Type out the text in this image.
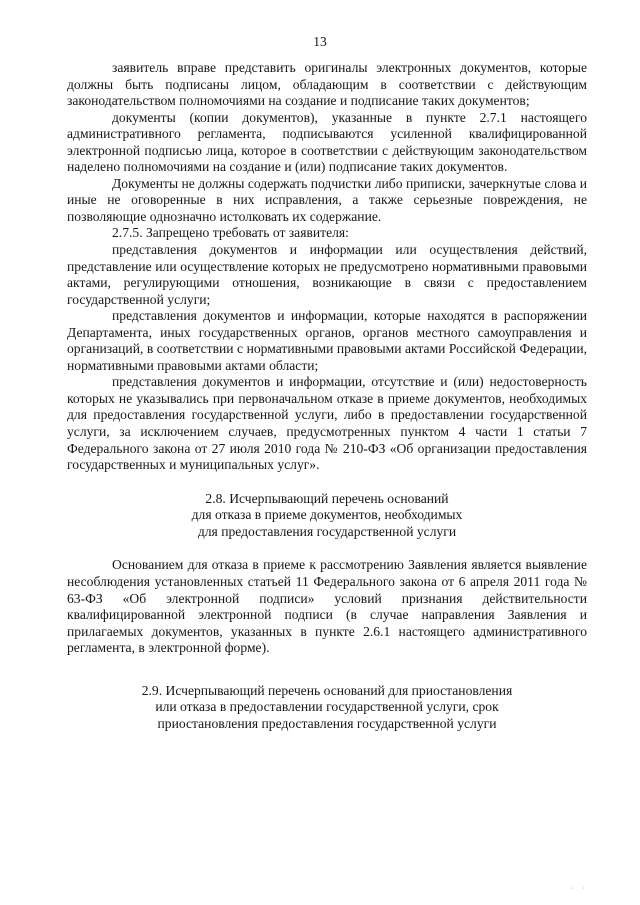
13

заявитель вправе представить оригиналы электронных документов, которые должны быть подписаны лицом, обладающим в соответствии с действующим законодательством полномочиями на создание и подписание таких документов;

документы (копии документов), указанные в пункте 2.7.1 настоящего административного регламента, подписываются усиленной квалифицированной электронной подписью лица, которое в соответствии с действующим законодательством наделено полномочиями на создание и (или) подписание таких документов.

Документы не должны содержать подчистки либо приписки, зачеркнутые слова и иные не оговоренные в них исправления, а также серьезные повреждения, не позволяющие однозначно истолковать их содержание.

2.7.5. Запрещено требовать от заявителя:

представления документов и информации или осуществления действий, представление или осуществление которых не предусмотрено нормативными правовыми актами, регулирующими отношения, возникающие в связи с предоставлением государственной услуги;

представления документов и информации, которые находятся в распоряжении Департамента, иных государственных органов, органов местного самоуправления и организаций, в соответствии с нормативными правовыми актами Российской Федерации, нормативными правовыми актами области;

представления документов и информации, отсутствие и (или) недостоверность которых не указывались при первоначальном отказе в приеме документов, необходимых для предоставления государственной услуги, либо в предоставлении государственной услуги, за исключением случаев, предусмотренных пунктом 4 части 1 статьи 7 Федерального закона от 27 июля 2010 года № 210-ФЗ «Об организации предоставления государственных и муниципальных услуг».

2.8. Исчерпывающий перечень оснований
для отказа в приеме документов, необходимых
для предоставления государственной услуги

Основанием для отказа в приеме к рассмотрению Заявления является выявление несоблюдения установленных статьей 11 Федерального закона от 6 апреля 2011 года № 63-ФЗ «Об электронной подписи» условий признания действительности квалифицированной электронной подписи (в случае направления Заявления и прилагаемых документов, указанных в пункте 2.6.1 настоящего административного регламента, в электронной форме).

2.9. Исчерпывающий перечень оснований для приостановления
или отказа в предоставлении государственной услуги, срок
приостановления предоставления государственной услуги
· ·
